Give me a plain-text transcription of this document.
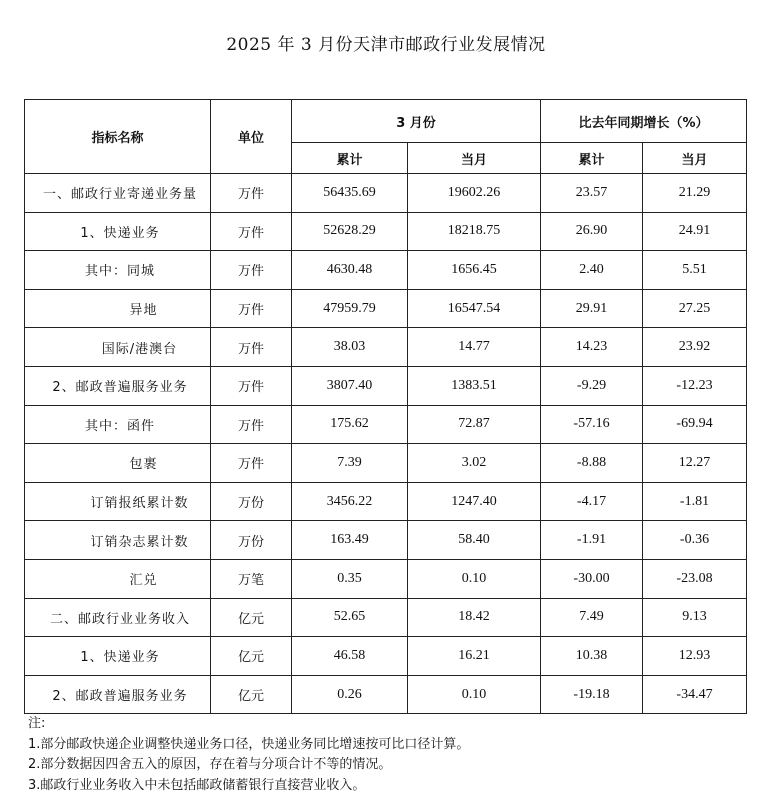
2025 年 3 月份天津市邮政行业发展情况
指标名称	单位	3 月份		比去年同期增长（%）	
		累计	当月	累计	当月
一、邮政行业寄递业务量	万件	56435.69	19602.26	23.57	21.29
1、快递业务	万件	52628.29	18218.75	26.90	24.91
其中：同城	万件	4630.48	1656.45	2.40	5.51
异地	万件	47959.79	16547.54	29.91	27.25
国际/港澳台	万件	38.03	14.77	14.23	23.92
2、邮政普遍服务业务	万件	3807.40	1383.51	-9.29	-12.23
其中：函件	万件	175.62	72.87	-57.16	-69.94
包裹	万件	7.39	3.02	-8.88	12.27
订销报纸累计数	万份	3456.22	1247.40	-4.17	-1.81
订销杂志累计数	万份	163.49	58.40	-1.91	-0.36
汇兑	万笔	0.35	0.10	-30.00	-23.08
二、邮政行业业务收入	亿元	52.65	18.42	7.49	9.13
1、快递业务	亿元	46.58	16.21	10.38	12.93
2、邮政普遍服务业务	亿元	0.26	0.10	-19.18	-34.47
注:
1.部分邮政快递企业调整快递业务口径，快递业务同比增速按可比口径计算。
2.部分数据因四舍五入的原因，存在着与分项合计不等的情况。
3.邮政行业业务收入中未包括邮政储蓄银行直接营业收入。
